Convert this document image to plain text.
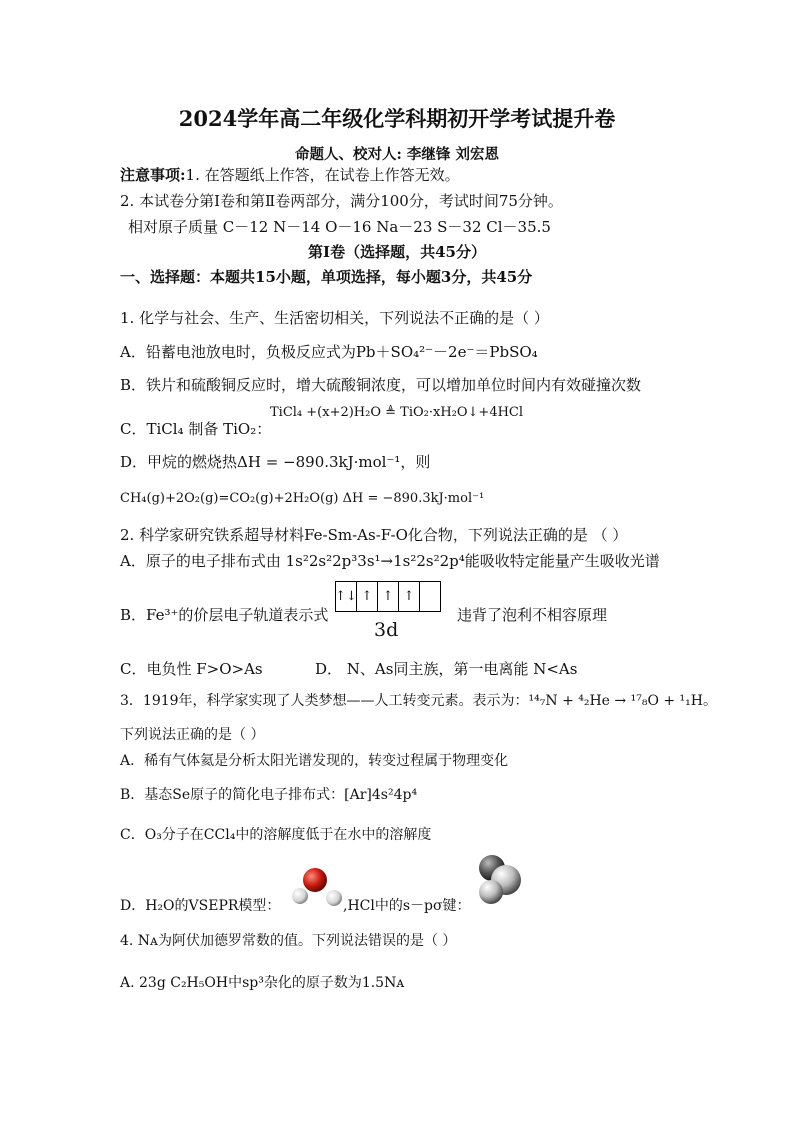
2024学年高二年级化学科期初开学考试提升卷
命题人、校对人: 李继锋 刘宏恩
注意事项:1. 在答题纸上作答，在试卷上作答无效。
2. 本试卷分第Ⅰ卷和第Ⅱ卷两部分，满分100分，考试时间75分钟。
相对原子质量 C－12 N－14 O－16 Na－23 S－32 Cl－35.5
第Ⅰ卷（选择题，共45分）
一、选择题：本题共15小题，单项选择，每小题3分，共45分
1. 化学与社会、生产、生活密切相关，下列说法不正确的是（ ）
A．铅蓄电池放电时，负极反应式为Pb＋SO₄²⁻－2e⁻＝PbSO₄
B．铁片和硫酸铜反应时，增大硫酸铜浓度，可以增加单位时间内有效碰撞次数
C．TiCl₄ 制备 TiO₂：
TiCl₄ +(x+2)H₂O ≜ TiO₂·xH₂O↓+4HCl
D．甲烷的燃烧热ΔH = −890.3kJ·mol⁻¹，则
CH₄(g)+2O₂(g)=CO₂(g)+2H₂O(g) ΔH = −890.3kJ·mol⁻¹
2. 科学家研究铁系超导材料Fe-Sm-As-F-O化合物，下列说法正确的是 （ ）
A．原子的电子排布式由 1s²2s²2p³3s¹→1s²2s²2p⁴能吸收特定能量产生吸收光谱
B．Fe³⁺的价层电子轨道表示式
↑↓ ↑ ↑ ↑
3d
违背了泡利不相容原理
C．电负性 F>O>As	D． N、As同主族，第一电离能 N<As
3．1919年，科学家实现了人类梦想——人工转变元素。表示为：¹⁴₇N + ⁴₂He → ¹⁷₈O + ¹₁H。
下列说法正确的是（ ）
A．稀有气体氦是分析太阳光谱发现的，转变过程属于物理变化
B．基态Se原子的简化电子排布式：[Ar]4s²4p⁴
C．O₃分子在CCl₄中的溶解度低于在水中的溶解度
D．H₂O的VSEPR模型：	,HCl中的s－pσ键：
4. Nᴀ为阿伏加德罗常数的值。下列说法错误的是（ ）
A. 23g C₂H₅OH中sp³杂化的原子数为1.5Nᴀ
